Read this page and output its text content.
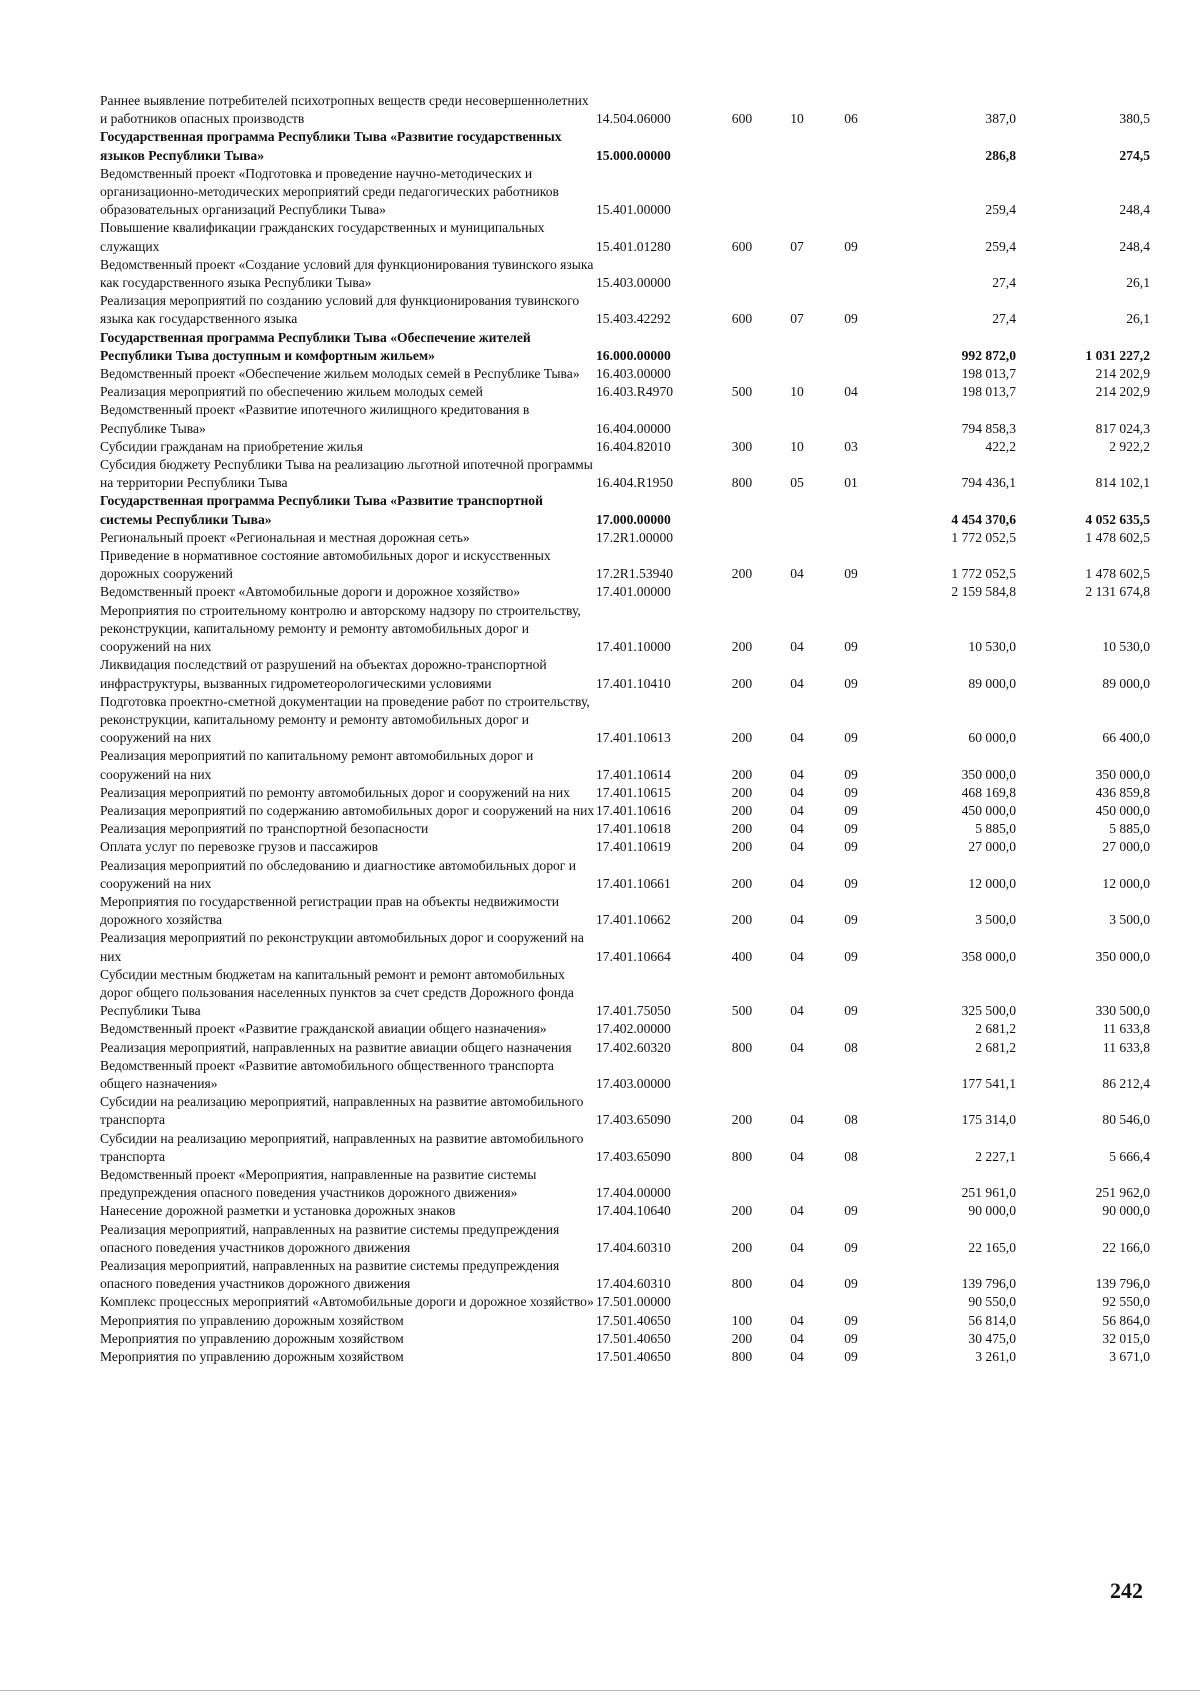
Раннее выявление потребителей психотропных веществ среди несовершеннолетних и работников опасных производств	14.504.06000	600	10	06	387,0	380,5
Государственная программа Республики Тыва «Развитие государственных языков Республики Тыва»	15.000.00000				286,8	274,5
Ведомственный проект «Подготовка и проведение научно-методических и организационно-методических мероприятий среди педагогических работников образовательных организаций Республики Тыва»	15.401.00000				259,4	248,4
Повышение квалификации гражданских государственных и муниципальных служащих	15.401.01280	600	07	09	259,4	248,4
Ведомственный проект «Создание условий для функционирования тувинского языка как государственного языка Республики Тыва»	15.403.00000				27,4	26,1
Реализация мероприятий по созданию условий для функционирования тувинского языка как государственного языка	15.403.42292	600	07	09	27,4	26,1
Государственная программа Республики Тыва «Обеспечение жителей Республики Тыва доступным и комфортным жильем»	16.000.00000				992 872,0	1 031 227,2
Ведомственный проект «Обеспечение жильем молодых семей в Республике Тыва»	16.403.00000				198 013,7	214 202,9
Реализация мероприятий по обеспечению жильем молодых семей	16.403.R4970	500	10	04	198 013,7	214 202,9
Ведомственный проект «Развитие ипотечного жилищного кредитования в Республике Тыва»	16.404.00000				794 858,3	817 024,3
Субсидии гражданам на приобретение жилья	16.404.82010	300	10	03	422,2	2 922,2
Субсидия бюджету Республики Тыва на реализацию льготной ипотечной программы на территории Республики Тыва	16.404.R1950	800	05	01	794 436,1	814 102,1
Государственная программа Республики Тыва «Развитие транспортной системы Республики Тыва»	17.000.00000				4 454 370,6	4 052 635,5
Региональный проект «Региональная и местная дорожная сеть»	17.2R1.00000				1 772 052,5	1 478 602,5
Приведение в нормативное состояние автомобильных дорог и искусственных дорожных сооружений	17.2R1.53940	200	04	09	1 772 052,5	1 478 602,5
Ведомственный проект «Автомобильные дороги и дорожное хозяйство»	17.401.00000				2 159 584,8	2 131 674,8
Мероприятия по строительному контролю и авторскому надзору по строительству, реконструкции, капитальному ремонту и ремонту автомобильных дорог и сооружений на них	17.401.10000	200	04	09	10 530,0	10 530,0
Ликвидация последствий от разрушений на объектах дорожно-транспортной инфраструктуры, вызванных гидрометеорологическими условиями	17.401.10410	200	04	09	89 000,0	89 000,0
Подготовка проектно-сметной документации на проведение работ по строительству, реконструкции, капитальному ремонту и ремонту автомобильных дорог и сооружений на них	17.401.10613	200	04	09	60 000,0	66 400,0
Реализация мероприятий по капитальному ремонт автомобильных дорог и сооружений на них	17.401.10614	200	04	09	350 000,0	350 000,0
Реализация мероприятий по ремонту автомобильных дорог и сооружений на них	17.401.10615	200	04	09	468 169,8	436 859,8
Реализация мероприятий по содержанию автомобильных дорог и сооружений на них	17.401.10616	200	04	09	450 000,0	450 000,0
Реализация мероприятий по транспортной безопасности	17.401.10618	200	04	09	5 885,0	5 885,0
Оплата услуг по перевозке грузов и пассажиров	17.401.10619	200	04	09	27 000,0	27 000,0
Реализация мероприятий по обследованию и диагностике автомобильных дорог и сооружений на них	17.401.10661	200	04	09	12 000,0	12 000,0
Мероприятия по государственной регистрации прав на объекты недвижимости дорожного хозяйства	17.401.10662	200	04	09	3 500,0	3 500,0
Реализация мероприятий по реконструкции автомобильных дорог и сооружений на них	17.401.10664	400	04	09	358 000,0	350 000,0
Субсидии местным бюджетам на капитальный ремонт и ремонт автомобильных дорог общего пользования населенных пунктов за счет средств Дорожного фонда Республики Тыва	17.401.75050	500	04	09	325 500,0	330 500,0
Ведомственный проект «Развитие гражданской авиации общего назначения»	17.402.00000				2 681,2	11 633,8
Реализация мероприятий, направленных на развитие авиации общего назначения	17.402.60320	800	04	08	2 681,2	11 633,8
Ведомственный проект «Развитие автомобильного общественного транспорта общего назначения»	17.403.00000				177 541,1	86 212,4
Субсидии на реализацию мероприятий, направленных на развитие автомобильного транспорта	17.403.65090	200	04	08	175 314,0	80 546,0
Субсидии на реализацию мероприятий, направленных на развитие автомобильного транспорта	17.403.65090	800	04	08	2 227,1	5 666,4
Ведомственный проект «Мероприятия, направленные на развитие системы предупреждения опасного поведения участников дорожного движения»	17.404.00000				251 961,0	251 962,0
Нанесение дорожной разметки и установка дорожных знаков	17.404.10640	200	04	09	90 000,0	90 000,0
Реализация мероприятий, направленных на развитие системы предупреждения опасного поведения участников дорожного движения	17.404.60310	200	04	09	22 165,0	22 166,0
Реализация мероприятий, направленных на развитие системы предупреждения опасного поведения участников дорожного движения	17.404.60310	800	04	09	139 796,0	139 796,0
Комплекс процессных мероприятий «Автомобильные дороги и дорожное хозяйство»	17.501.00000				90 550,0	92 550,0
Мероприятия по управлению дорожным хозяйством	17.501.40650	100	04	09	56 814,0	56 864,0
Мероприятия по управлению дорожным хозяйством	17.501.40650	200	04	09	30 475,0	32 015,0
Мероприятия по управлению дорожным хозяйством	17.501.40650	800	04	09	3 261,0	3 671,0
242
